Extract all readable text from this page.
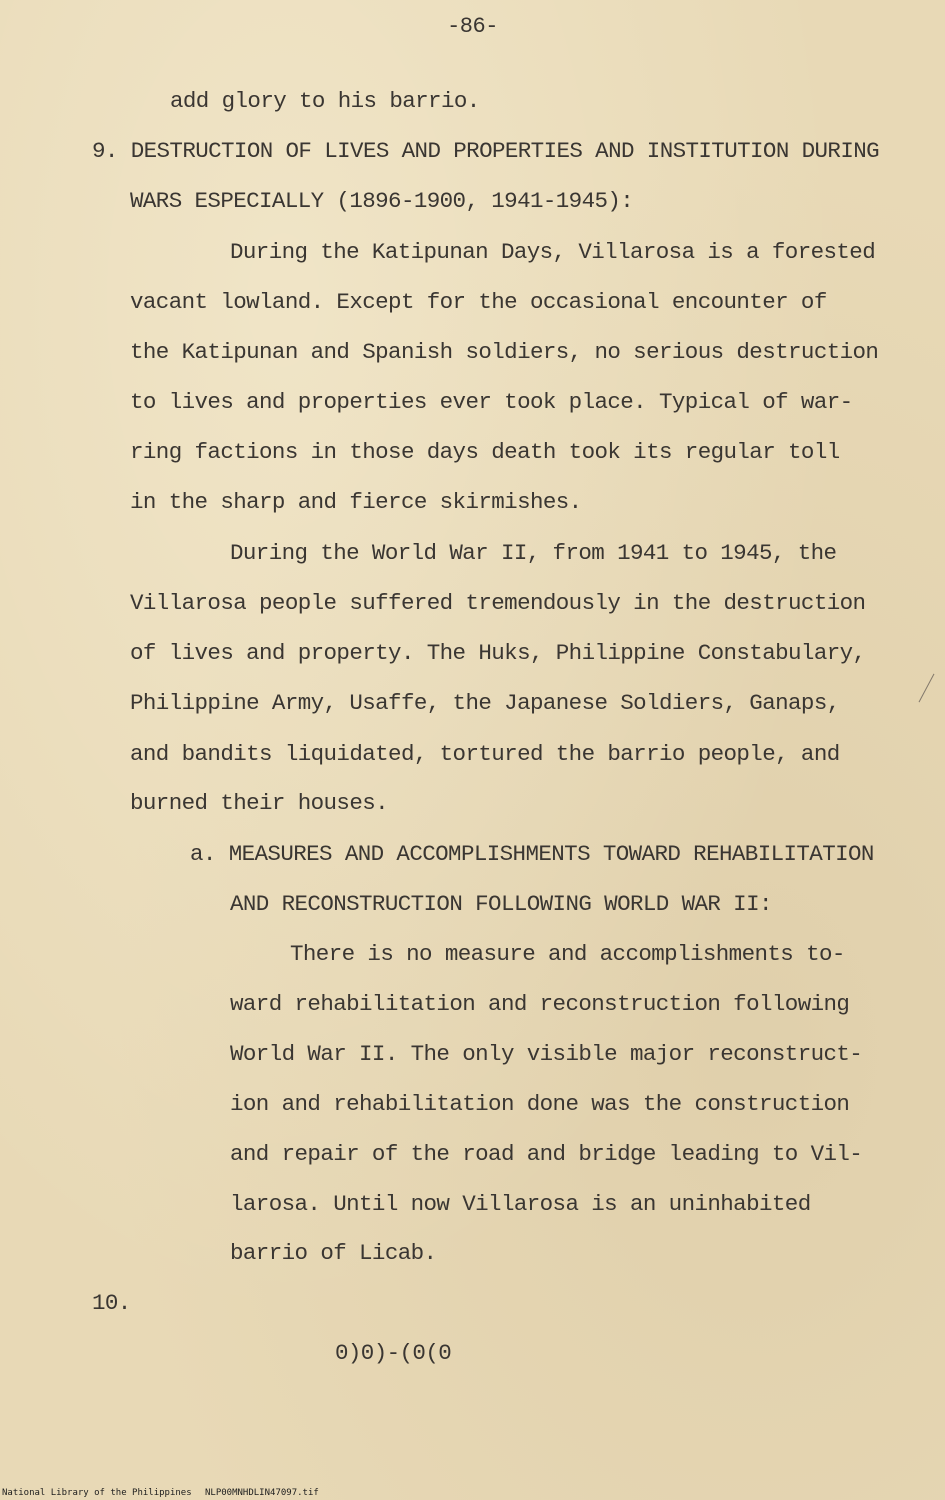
-86-
add glory to his barrio.
9. DESTRUCTION OF LIVES AND PROPERTIES AND INSTITUTION DURING
WARS ESPECIALLY (1896-1900, 1941-1945):
During the Katipunan Days, Villarosa is a forested
vacant lowland. Except for the occasional encounter of
the Katipunan and Spanish soldiers, no serious destruction
to lives and properties ever took place. Typical of war-
ring factions in those days death took its regular toll
in the sharp and fierce skirmishes.
During the World War II, from 1941 to 1945, the
Villarosa people suffered tremendously in the destruction
of lives and property. The Huks, Philippine Constabulary,
Philippine Army, Usaffe, the Japanese Soldiers, Ganaps,
and bandits liquidated, tortured the barrio people, and
burned their houses.
a. MEASURES AND ACCOMPLISHMENTS TOWARD REHABILITATION
AND RECONSTRUCTION FOLLOWING WORLD WAR II:
There is no measure and accomplishments to-
ward rehabilitation and reconstruction following
World War II. The only visible major reconstruct-
ion and rehabilitation done was the construction
and repair of the road and bridge leading to Vil-
larosa. Until now Villarosa is an uninhabited
barrio of Licab.
10.
0)0)-(0(0
National Library of the Philippines NLP00MNHDLIN47097.tif
